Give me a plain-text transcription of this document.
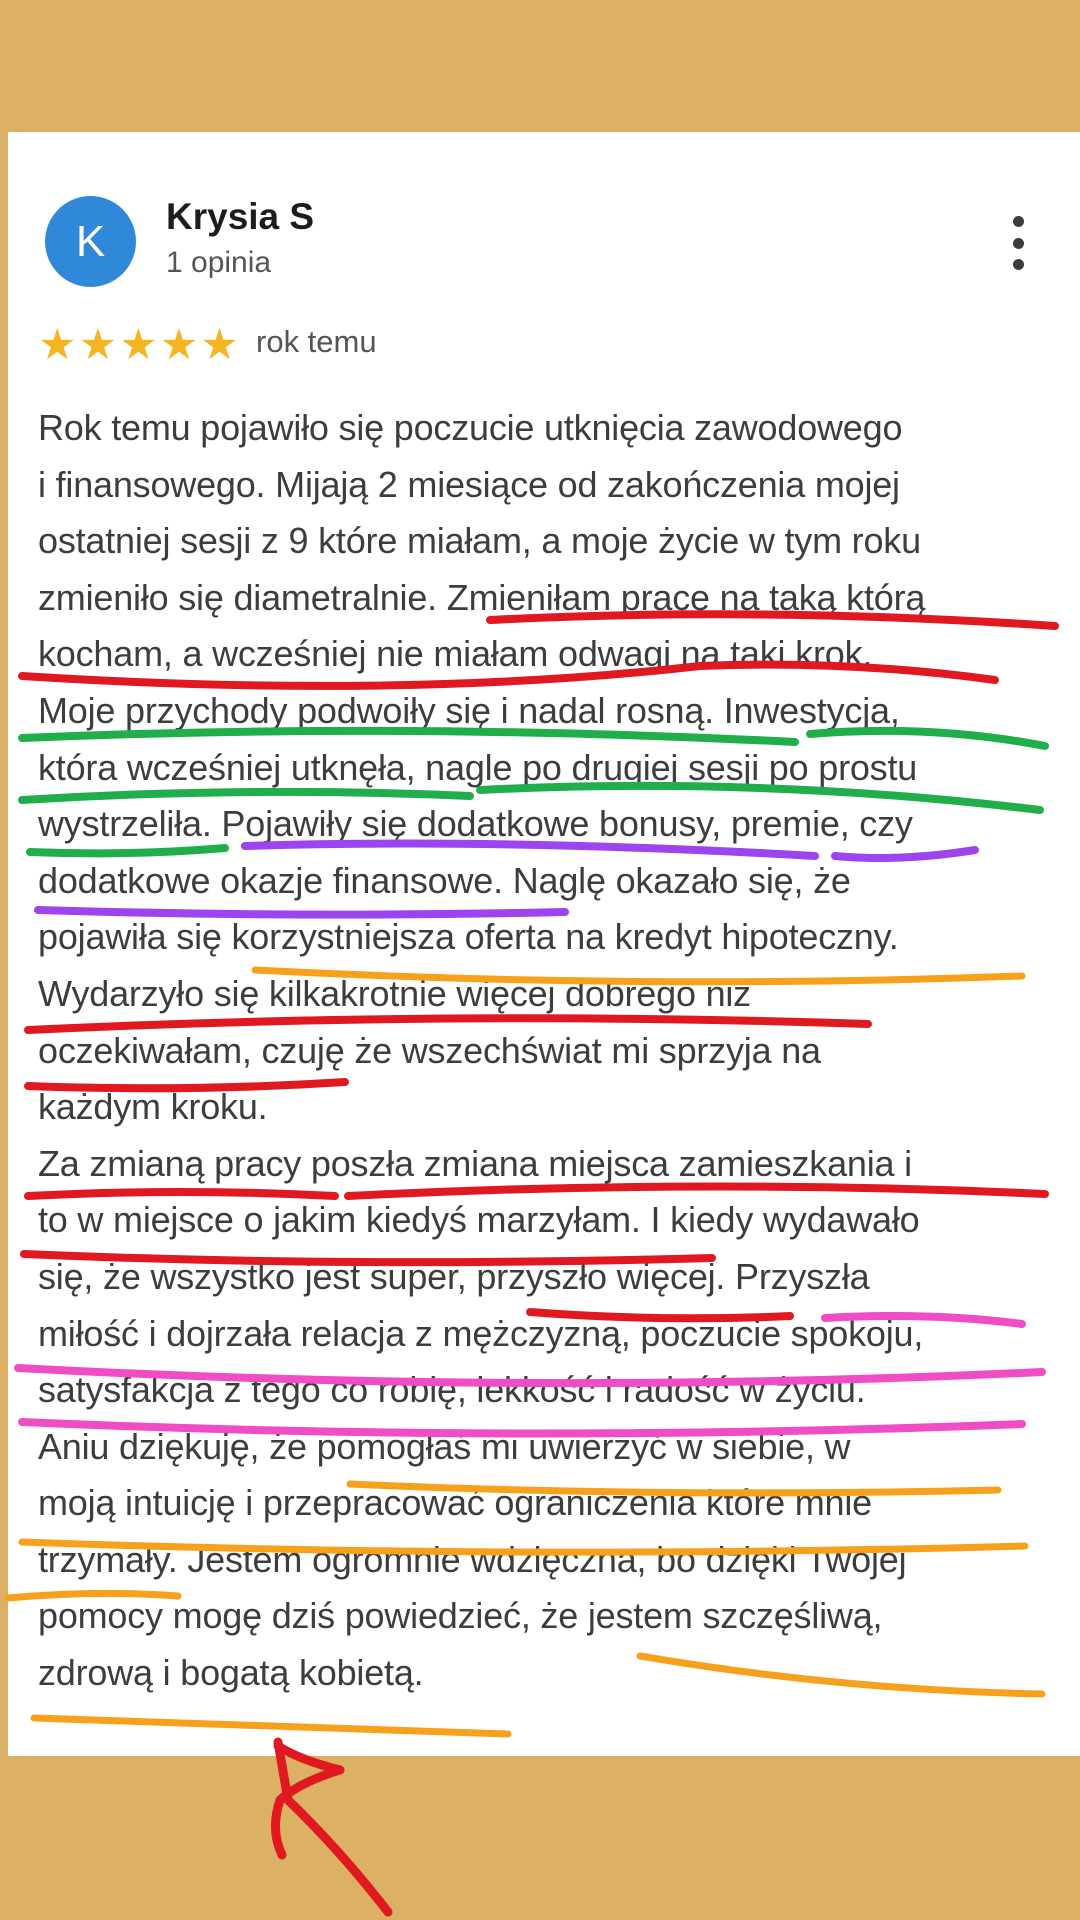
K	Krysia S
1 opinia
★ ★ ★ ★ ★ rok temu

Rok temu pojawiło się poczucie utknięcia zawodowego
i finansowego. Mijają 2 miesiące od zakończenia mojej
ostatniej sesji z 9 które miałam, a moje życie w tym roku
zmieniło się diametralnie. Zmieniłam pracę na taką którą
kocham, a wcześniej nie miałam odwagi na taki krok.
Moje przychody podwoiły się i nadal rosną. Inwestycja,
która wcześniej utknęła, nagle po drugiej sesji po prostu
wystrzeliła. Pojawiły się dodatkowe bonusy, premie, czy
dodatkowe okazje finansowe. Naglę okazało się, że
pojawiła się korzystniejsza oferta na kredyt hipoteczny.
Wydarzyło się kilkakrotnie więcej dobrego niż
oczekiwałam, czuję że wszechświat mi sprzyja na
każdym kroku.
Za zmianą pracy poszła zmiana miejsca zamieszkania i
to w miejsce o jakim kiedyś marzyłam. I kiedy wydawało
się, że wszystko jest super, przyszło więcej. Przyszła
miłość i dojrzała relacja z mężczyzną, poczucie spokoju,
satysfakcja z tego co robię, lekkość i radość w życiu.
Aniu dziękuję, że pomogłaś mi uwierzyć w siebie, w
moją intuicję i przepracować ograniczenia które mnie
trzymały. Jestem ogromnie wdzięczna, bo dzięki Twojej
pomocy mogę dziś powiedzieć, że jestem szczęśliwą,
zdrową i bogatą kobietą.
